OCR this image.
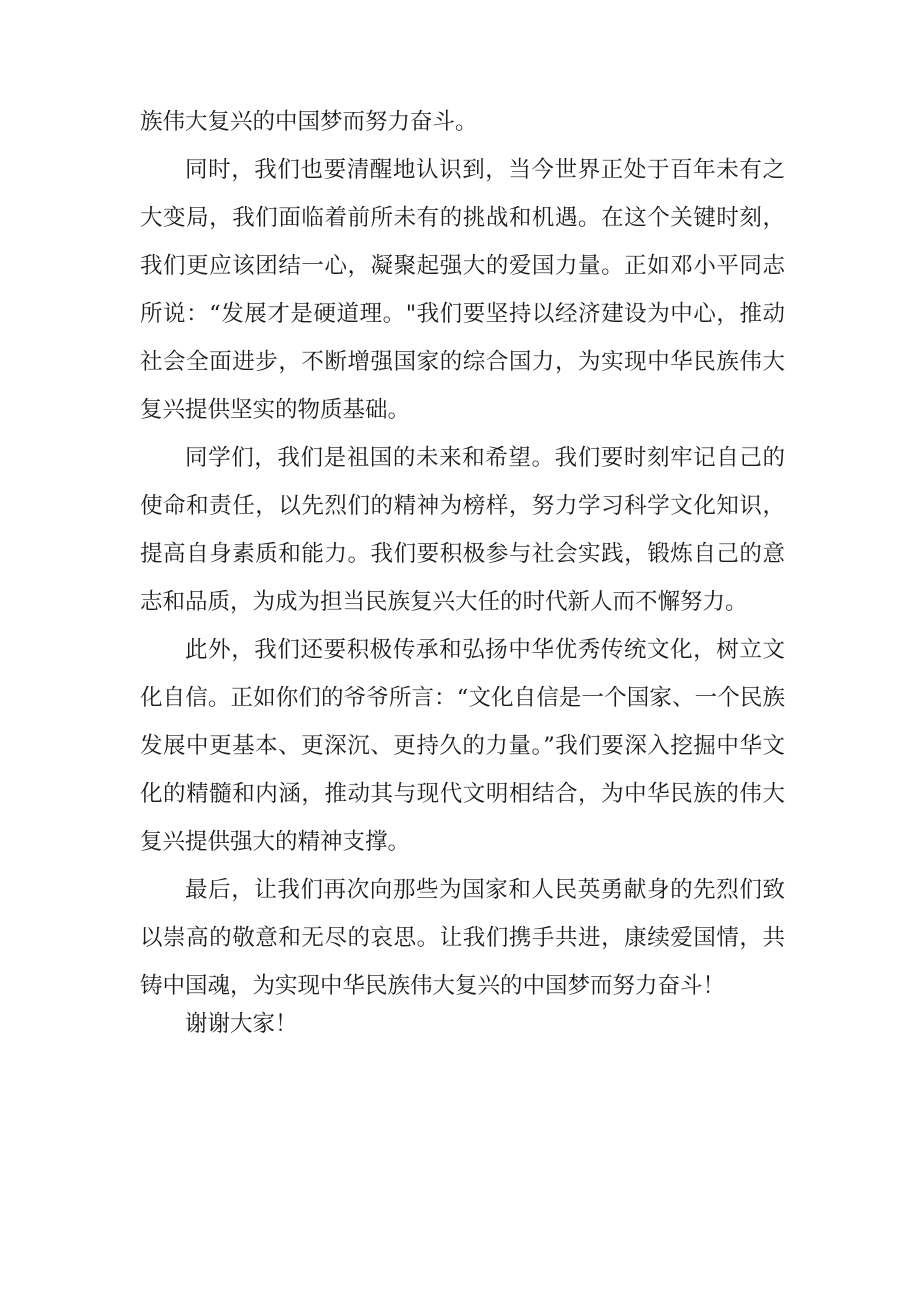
族伟大复兴的中国梦而努力奋斗。

同时，我们也要清醒地认识到，当今世界正处于百年未有之大变局，我们面临着前所未有的挑战和机遇。在这个关键时刻，我们更应该团结一心，凝聚起强大的爱国力量。正如邓小平同志所说：“发展才是硬道理。"我们要坚持以经济建设为中心，推动社会全面进步，不断增强国家的综合国力，为实现中华民族伟大复兴提供坚实的物质基础。

同学们，我们是祖国的未来和希望。我们要时刻牢记自己的使命和责任，以先烈们的精神为榜样，努力学习科学文化知识，提高自身素质和能力。我们要积极参与社会实践，锻炼自己的意志和品质，为成为担当民族复兴大任的时代新人而不懈努力。

此外，我们还要积极传承和弘扬中华优秀传统文化，树立文化自信。正如你们的爷爷所言：“文化自信是一个国家、一个民族发展中更基本、更深沉、更持久的力量。”我们要深入挖掘中华文化的精髓和内涵，推动其与现代文明相结合，为中华民族的伟大复兴提供强大的精神支撑。

最后，让我们再次向那些为国家和人民英勇献身的先烈们致以崇高的敬意和无尽的哀思。让我们携手共进，康续爱国情，共铸中国魂，为实现中华民族伟大复兴的中国梦而努力奋斗！

谢谢大家！
